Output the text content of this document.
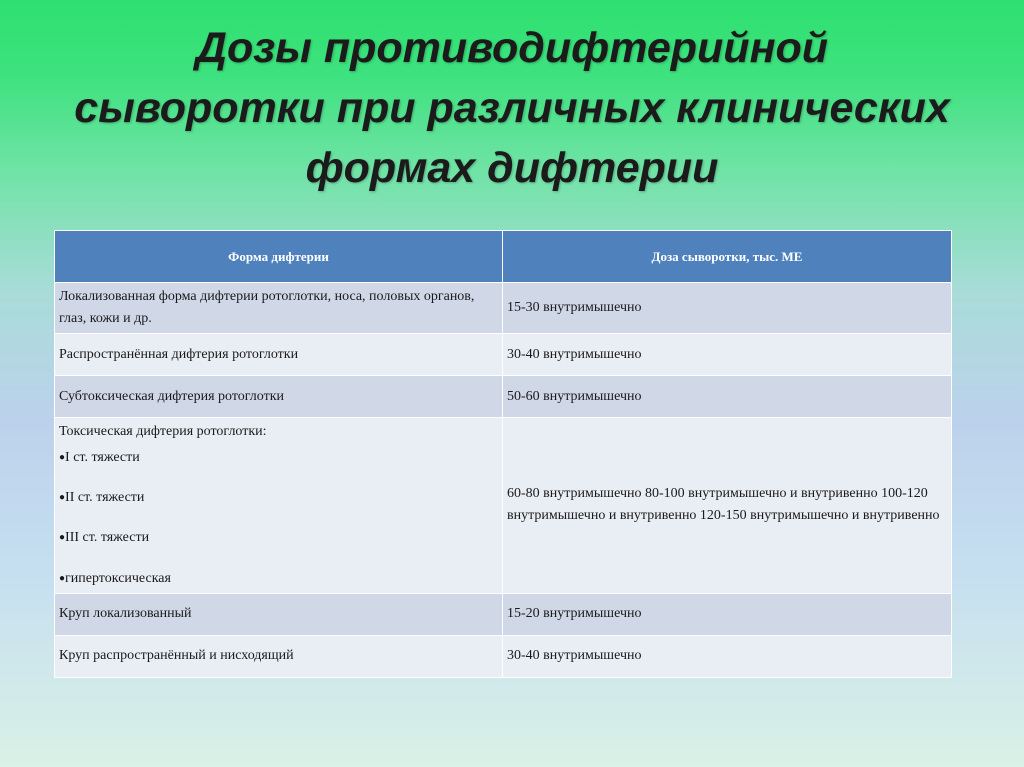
Дозы противодифтерийной
сыворотки при различных клинических
формах дифтерии
Форма дифтерии	Доза сыворотки, тыс. МЕ
Локализованная форма дифтерии ротоглотки, носа, половых органов, глаз, кожи и др.	15-30 внутримышечно
Распространённая дифтерия ротоглотки	30-40 внутримышечно
Субтоксическая дифтерия ротоглотки	50-60 внутримышечно
Токсическая дифтерия ротоглотки:
●I ст. тяжести
●II ст. тяжести
●III ст. тяжести
●гипертоксическая	60-80 внутримышечно 80-100 внутримышечно и внутривенно 100-120 внутримышечно и внутривенно 120-150 внутримышечно и внутривенно
Круп локализованный	15-20 внутримышечно
Круп распространённый и нисходящий	30-40 внутримышечно
